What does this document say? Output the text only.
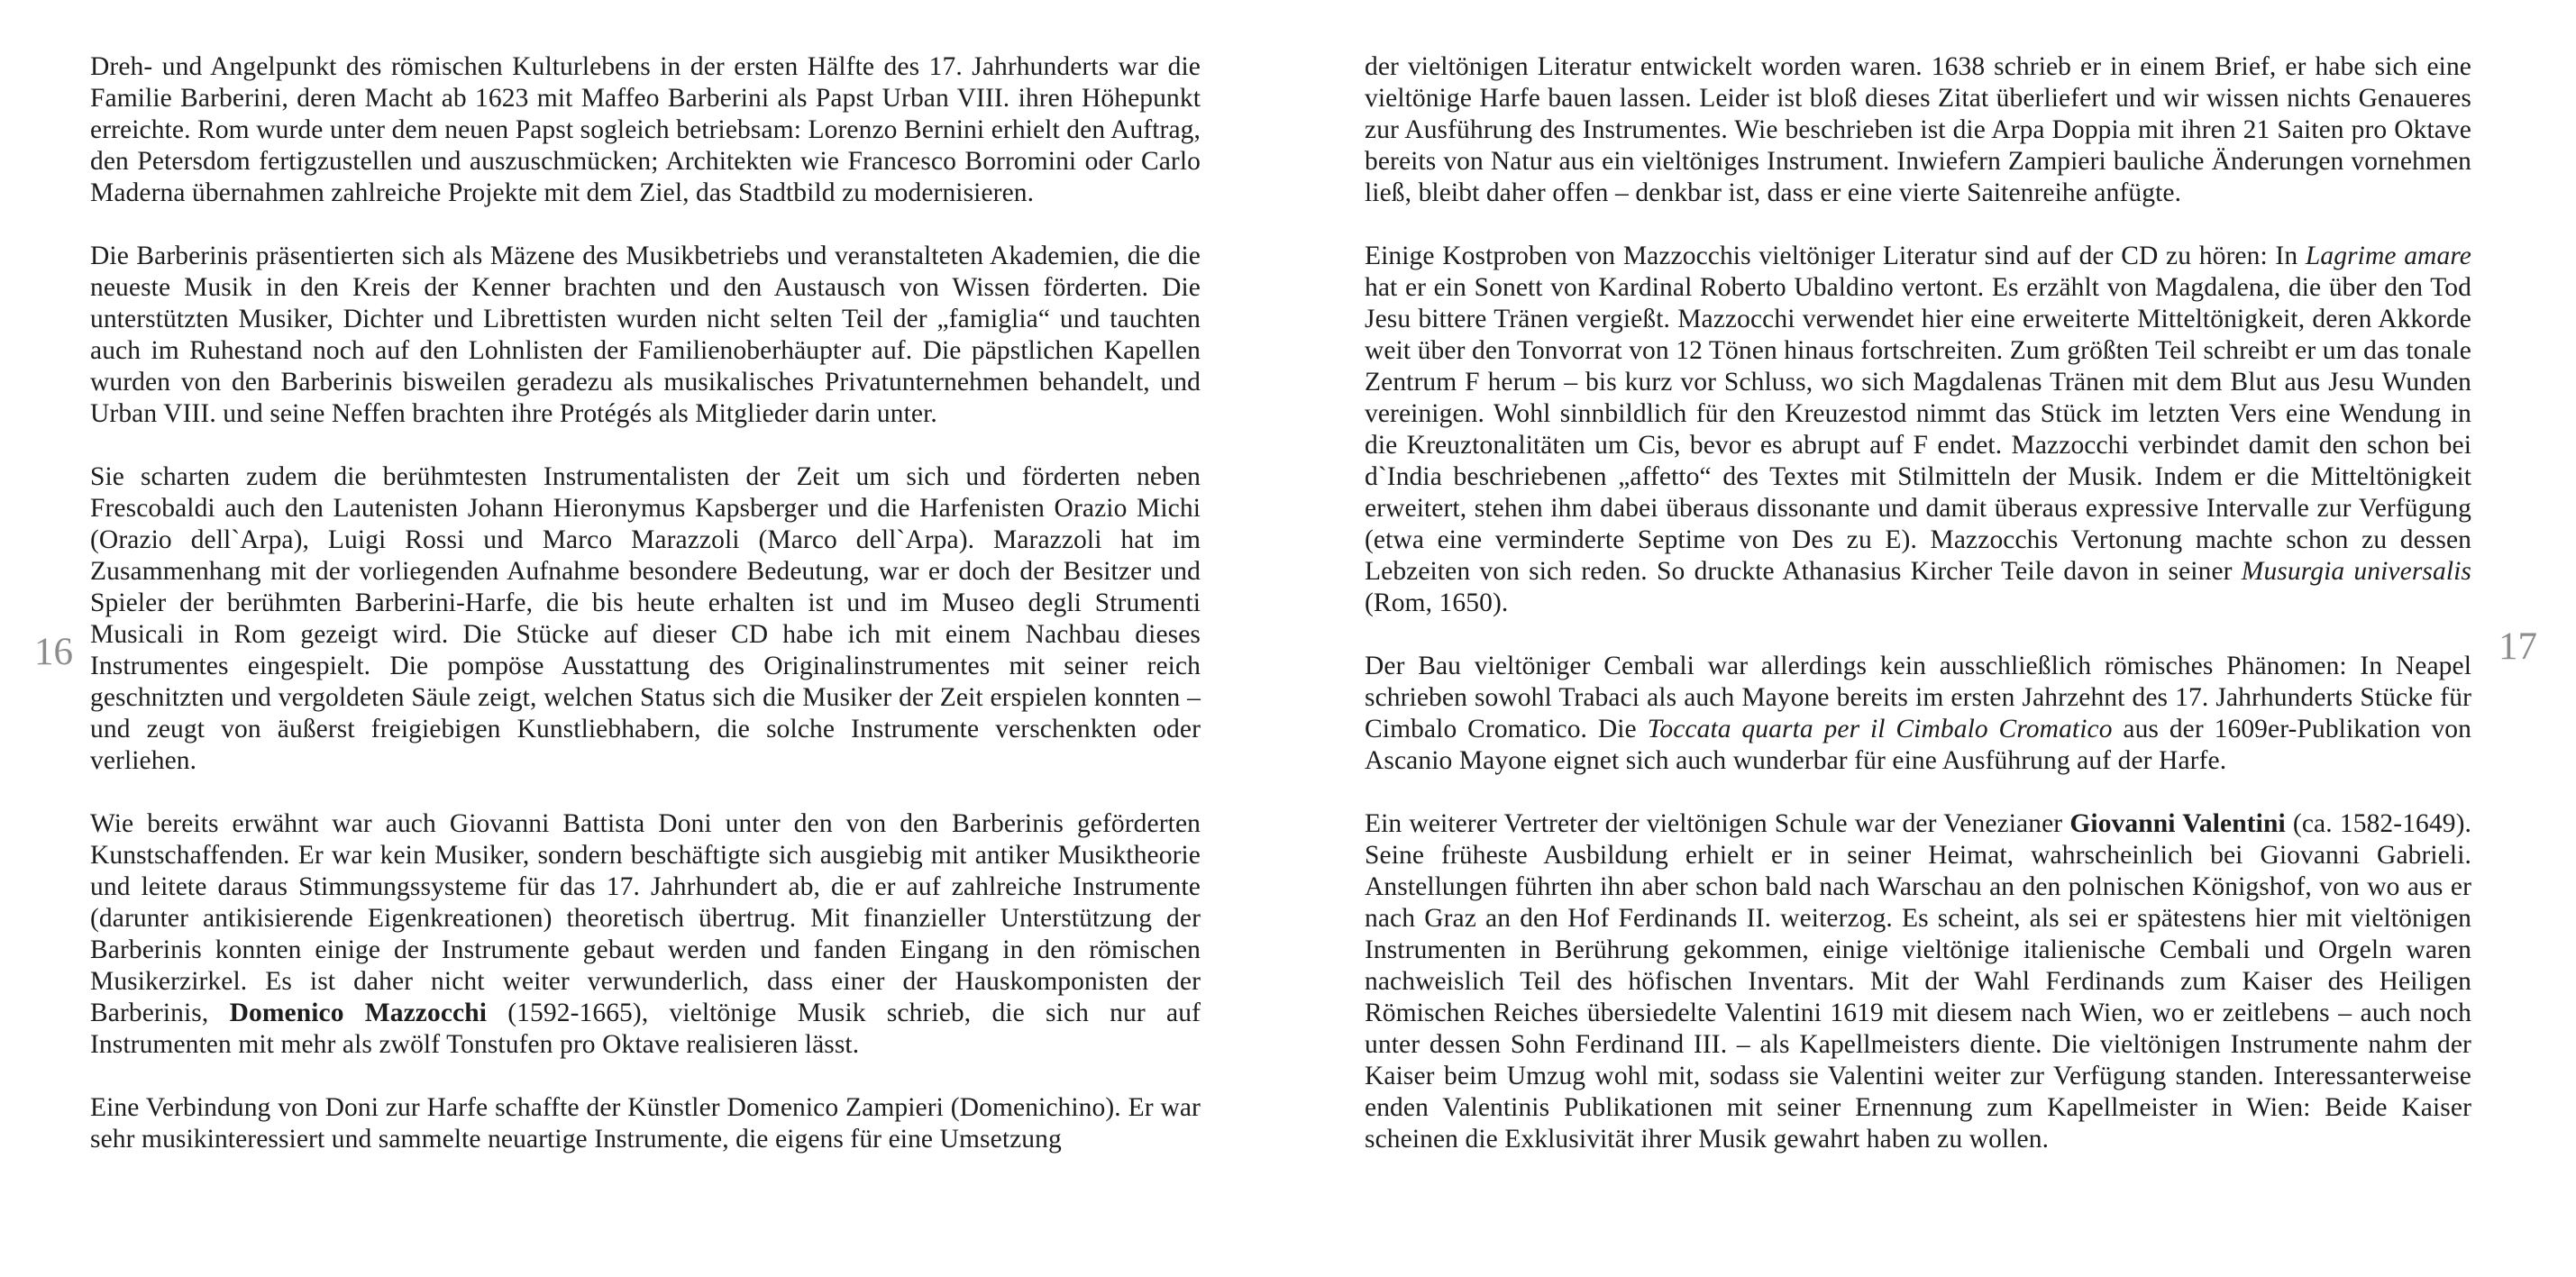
16

Dreh- und Angelpunkt des römischen Kulturlebens in der ersten Hälfte des 17. Jahrhunderts war die Familie Barberini, deren Macht ab 1623 mit Maffeo Barberini als Papst Urban VIII. ihren Höhepunkt erreichte. Rom wurde unter dem neuen Papst sogleich betriebsam: Lorenzo Bernini erhielt den Auftrag, den Petersdom fertigzustellen und auszuschmücken; Architekten wie Francesco Borromini oder Carlo Maderna übernahmen zahlreiche Projekte mit dem Ziel, das Stadtbild zu modernisieren.

Die Barberinis präsentierten sich als Mäzene des Musikbetriebs und veranstalteten Akademien, die die neueste Musik in den Kreis der Kenner brachten und den Austausch von Wissen förderten. Die unterstützten Musiker, Dichter und Librettisten wurden nicht selten Teil der „famiglia“ und tauchten auch im Ruhestand noch auf den Lohnlisten der Familienoberhäupter auf. Die päpstlichen Kapellen wurden von den Barberinis bisweilen geradezu als musikalisches Privatunternehmen behandelt, und Urban VIII. und seine Neffen brachten ihre Protégés als Mitglieder darin unter.

Sie scharten zudem die berühmtesten Instrumentalisten der Zeit um sich und förderten neben Frescobaldi auch den Lautenisten Johann Hieronymus Kapsberger und die Harfenisten Orazio Michi (Orazio dell`Arpa), Luigi Rossi und Marco Marazzoli (Marco dell`Arpa). Marazzoli hat im Zusammenhang mit der vorliegenden Aufnahme besondere Bedeutung, war er doch der Besitzer und Spieler der berühmten Barberini-Harfe, die bis heute erhalten ist und im Museo degli Strumenti Musicali in Rom gezeigt wird. Die Stücke auf dieser CD habe ich mit einem Nachbau dieses Instrumentes eingespielt. Die pompöse Ausstattung des Originalinstrumentes mit seiner reich geschnitzten und vergoldeten Säule zeigt, welchen Status sich die Musiker der Zeit erspielen konnten – und zeugt von äußerst freigiebigen Kunstliebhabern, die solche Instrumente verschenkten oder verliehen.

Wie bereits erwähnt war auch Giovanni Battista Doni unter den von den Barberinis geförderten Kunstschaffenden. Er war kein Musiker, sondern beschäftigte sich ausgiebig mit antiker Musiktheorie und leitete daraus Stimmungssysteme für das 17. Jahrhundert ab, die er auf zahlreiche Instrumente (darunter antikisierende Eigenkreationen) theoretisch übertrug. Mit finanzieller Unterstützung der Barberinis konnten einige der Instrumente gebaut werden und fanden Eingang in den römischen Musikerzirkel. Es ist daher nicht weiter verwunderlich, dass einer der Hauskomponisten der Barberinis, Domenico Mazzocchi (1592-1665), vieltönige Musik schrieb, die sich nur auf Instrumenten mit mehr als zwölf Tonstufen pro Oktave realisieren lässt.

Eine Verbindung von Doni zur Harfe schaffte der Künstler Domenico Zampieri (Domenichino). Er war sehr musikinteressiert und sammelte neuartige Instrumente, die eigens für eine Umsetzung

der vieltönigen Literatur entwickelt worden waren. 1638 schrieb er in einem Brief, er habe sich eine vieltönige Harfe bauen lassen. Leider ist bloß dieses Zitat überliefert und wir wissen nichts Genaueres zur Ausführung des Instrumentes. Wie beschrieben ist die Arpa Doppia mit ihren 21 Saiten pro Oktave bereits von Natur aus ein vieltöniges Instrument. Inwiefern Zampieri bauliche Änderungen vornehmen ließ, bleibt daher offen – denkbar ist, dass er eine vierte Saitenreihe anfügte.

Einige Kostproben von Mazzocchis vieltöniger Literatur sind auf der CD zu hören: In Lagrime amare hat er ein Sonett von Kardinal Roberto Ubaldino vertont. Es erzählt von Magdalena, die über den Tod Jesu bittere Tränen vergießt. Mazzocchi verwendet hier eine erweiterte Mitteltönigkeit, deren Akkorde weit über den Tonvorrat von 12 Tönen hinaus fortschreiten. Zum größten Teil schreibt er um das tonale Zentrum F herum – bis kurz vor Schluss, wo sich Magdalenas Tränen mit dem Blut aus Jesu Wunden vereinigen. Wohl sinnbildlich für den Kreuzestod nimmt das Stück im letzten Vers eine Wendung in die Kreuztonalitäten um Cis, bevor es abrupt auf F endet. Mazzocchi verbindet damit den schon bei d`India beschriebenen „affetto“ des Textes mit Stilmitteln der Musik. Indem er die Mitteltönigkeit erweitert, stehen ihm dabei überaus dissonante und damit überaus expressive Intervalle zur Verfügung (etwa eine verminderte Septime von Des zu E). Mazzocchis Vertonung machte schon zu dessen Lebzeiten von sich reden. So druckte Athanasius Kircher Teile davon in seiner Musurgia universalis (Rom, 1650).

Der Bau vieltöniger Cembali war allerdings kein ausschließlich römisches Phänomen: In Neapel schrieben sowohl Trabaci als auch Mayone bereits im ersten Jahrzehnt des 17. Jahrhunderts Stücke für Cimbalo Cromatico. Die Toccata quarta per il Cimbalo Cromatico aus der 1609er-Publikation von Ascanio Mayone eignet sich auch wunderbar für eine Ausführung auf der Harfe.

Ein weiterer Vertreter der vieltönigen Schule war der Venezianer Giovanni Valentini (ca. 1582-1649). Seine früheste Ausbildung erhielt er in seiner Heimat, wahrscheinlich bei Giovanni Gabrieli. Anstellungen führten ihn aber schon bald nach Warschau an den polnischen Königshof, von wo aus er nach Graz an den Hof Ferdinands II. weiterzog. Es scheint, als sei er spätestens hier mit vieltönigen Instrumenten in Berührung gekommen, einige vieltönige italienische Cembali und Orgeln waren nachweislich Teil des höfischen Inventars. Mit der Wahl Ferdinands zum Kaiser des Heiligen Römischen Reiches übersiedelte Valentini 1619 mit diesem nach Wien, wo er zeitlebens – auch noch unter dessen Sohn Ferdinand III. – als Kapellmeisters diente. Die vieltönigen Instrumente nahm der Kaiser beim Umzug wohl mit, sodass sie Valentini weiter zur Verfügung standen. Interessanterweise enden Valentinis Publikationen mit seiner Ernennung zum Kapellmeister in Wien: Beide Kaiser scheinen die Exklusivität ihrer Musik gewahrt haben zu wollen.

17
